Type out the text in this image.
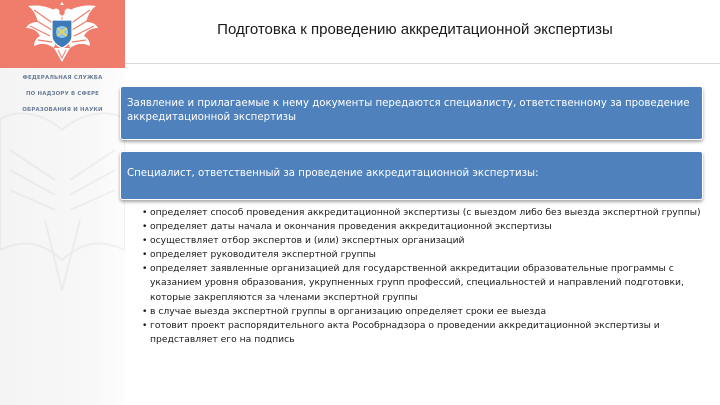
ФЕДЕРАЛЬНАЯ СЛУЖБА
ПО НАДЗОРУ В СФЕРЕ
ОБРАЗОВАНИЯ И НАУКИ
Подготовка к проведению аккредитационной экспертизы
Заявление и прилагаемые к нему документы передаются специалисту, ответственному за проведение аккредитационной экспертизы
Специалист, ответственный за проведение аккредитационной экспертизы:
• определяет способ проведения аккредитационной экспертизы (с выездом либо без выезда экспертной группы)
• определяет даты начала и окончания проведения аккредитационной экспертизы
• осуществляет отбор экспертов и (или) экспертных организаций
• определяет руководителя экспертной группы
• определяет заявленные организацией для государственной аккредитации образовательные программы с указанием уровня образования, укрупненных групп профессий, специальностей и направлений подготовки, которые закрепляются за членами экспертной группы
• в случае выезда экспертной группы в организацию определяет сроки ее выезда
• готовит проект распорядительного акта Рособрнадзора о проведении аккредитационной экспертизы и представляет его на подпись
